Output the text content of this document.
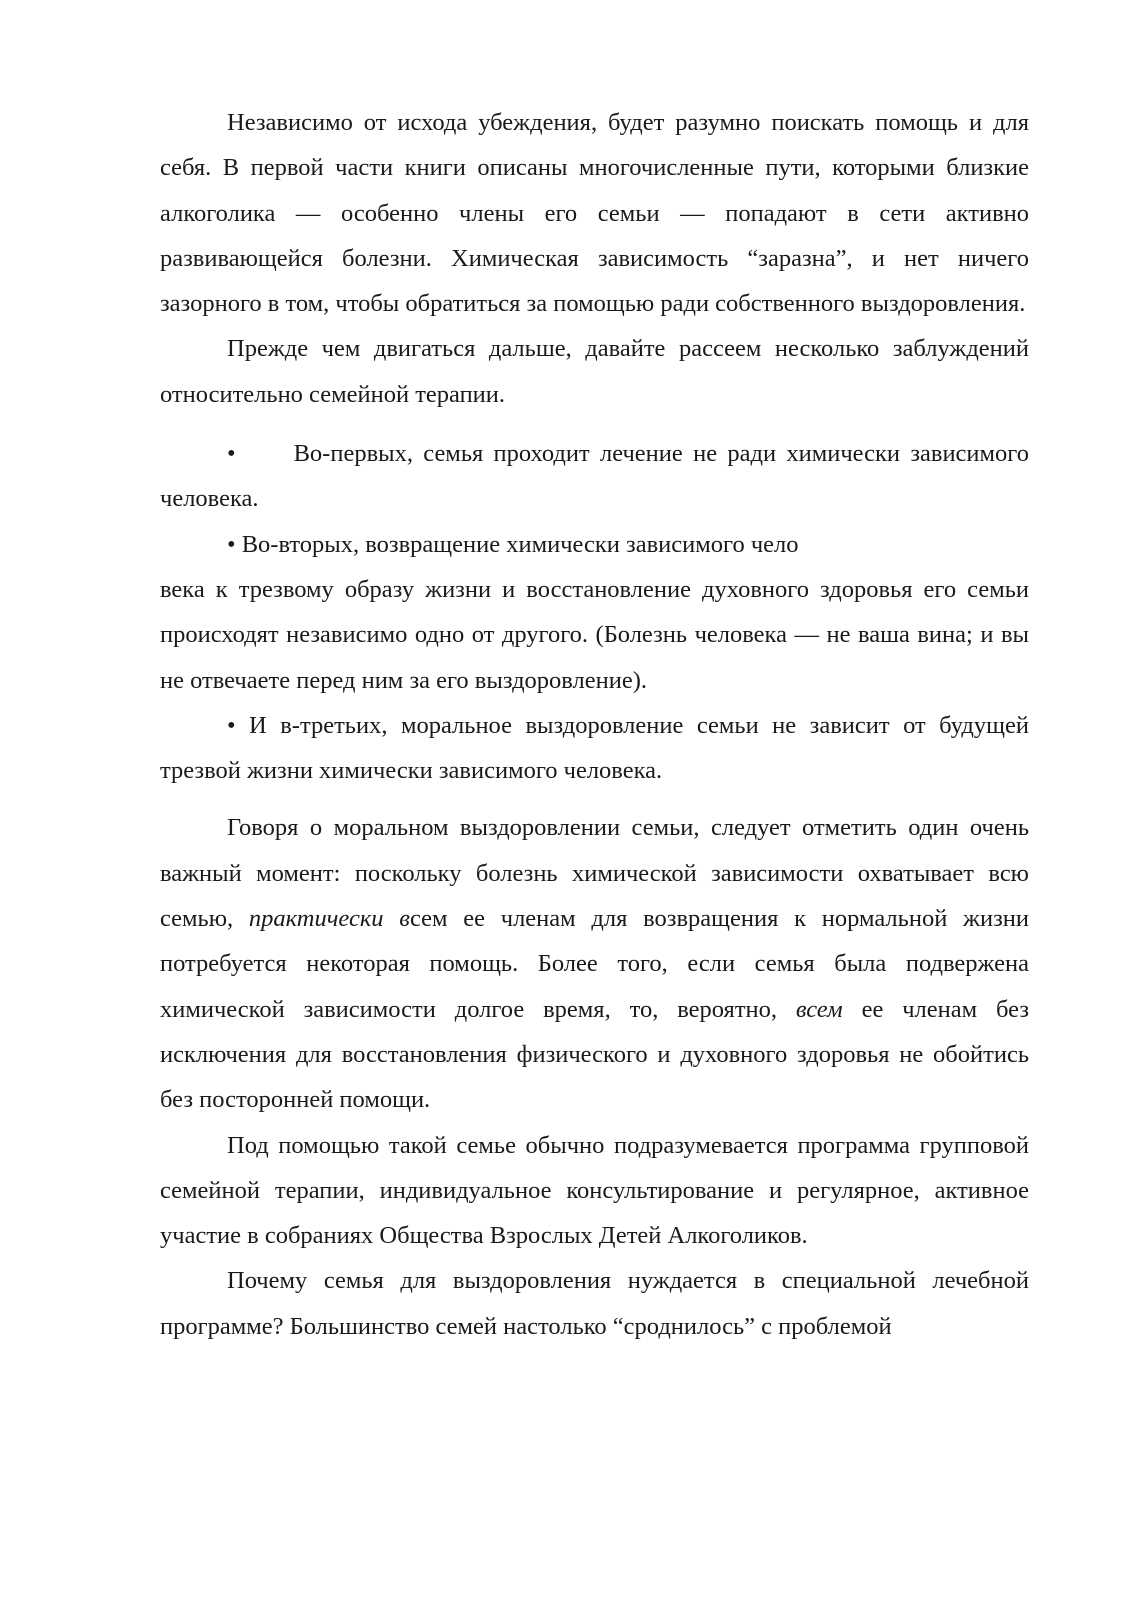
Независимо от исхода убеждения, будет разумно поискать помощь и для себя. В первой части книги описаны многочисленные пути, которыми близкие алкоголика — особенно члены его семьи — попадают в сети активно развивающейся болезни. Химическая зависимость “заразна”, и нет ничего зазорного в том, чтобы обратиться за помощью ради собственного выздоровления.

Прежде чем двигаться дальше, давайте рассеем несколько заблуждений относительно семейной терапии.

• Во-первых, семья проходит лечение не ради химически зависимого человека.

• Во-вторых, возвращение химически зависимого чело

века к трезвому образу жизни и восстановление духовного здоровья его семьи происходят независимо одно от другого. (Болезнь человека — не ваша вина; и вы не отвечаете перед ним за его выздоровление).

• И в-третьих, моральное выздоровление семьи не зависит от будущей трезвой жизни химически зависимого человека.

Говоря о моральном выздоровлении семьи, следует отметить один очень важный момент: поскольку болезнь химической зависимости охватывает всю семью, практически всем ее членам для возвращения к нормальной жизни потребуется некоторая помощь. Более того, если семья была подвержена химической зависимости долгое время, то, вероятно, всем ее членам без исключения для восстановления физического и духовного здоровья не обойтись без посторонней помощи.

Под помощью такой семье обычно подразумевается программа групповой семейной терапии, индивидуальное консультирование и регулярное, активное участие в собраниях Общества Взрослых Детей Алкоголиков.

Почему семья для выздоровления нуждается в специальной лечебной программе? Большинство семей настолько “сроднилось” с проблемой
